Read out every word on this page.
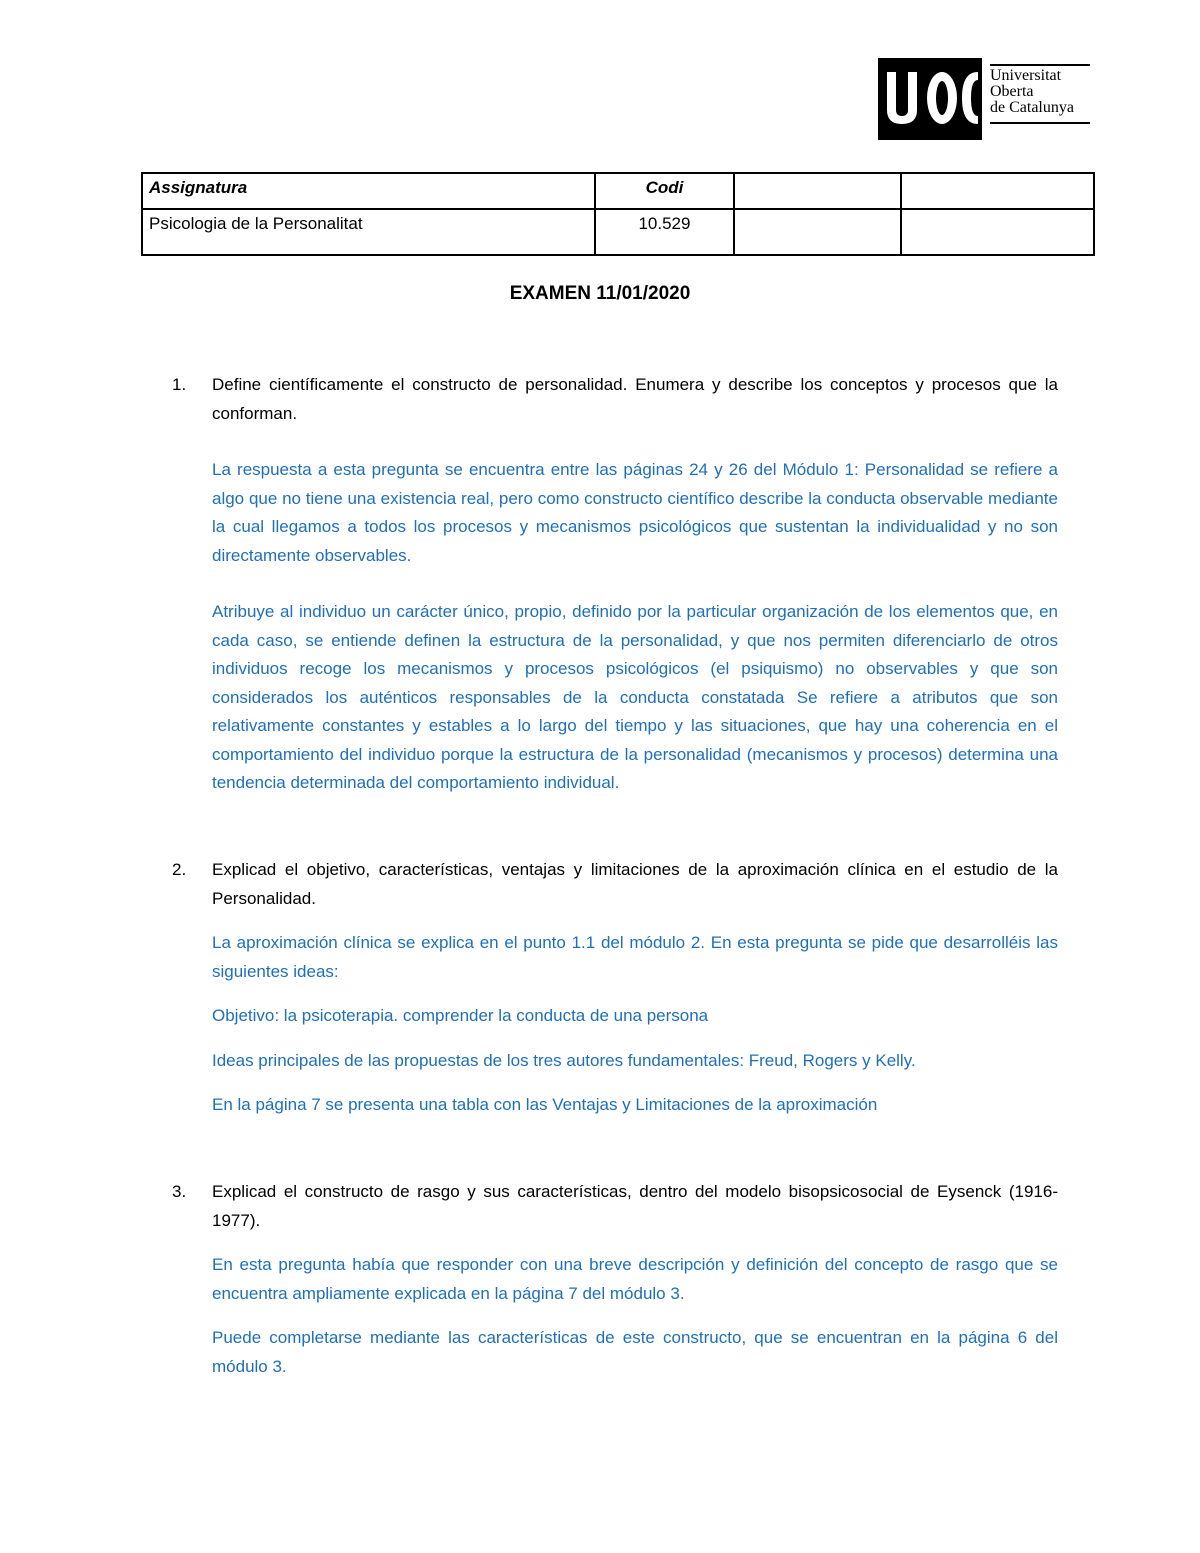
Universitat
Oberta
de Catalunya
Assignatura	Codi		
Psicologia de la Personalitat	10.529		
EXAMEN 11/01/2020
1. Define científicamente el constructo de personalidad. Enumera y describe los conceptos y procesos que la conforman.

La respuesta a esta pregunta se encuentra entre las páginas 24 y 26 del Módulo 1: Personalidad se refiere a algo que no tiene una existencia real, pero como constructo científico describe la conducta observable mediante la cual llegamos a todos los procesos y mecanismos psicológicos que sustentan la individualidad y no son directamente observables.

Atribuye al individuo un carácter único, propio, definido por la particular organización de los elementos que, en cada caso, se entiende definen la estructura de la personalidad, y que nos permiten diferenciarlo de otros individuos recoge los mecanismos y procesos psicológicos (el psiquismo) no observables y que son considerados los auténticos responsables de la conducta constatada Se refiere a atributos que son relativamente constantes y estables a lo largo del tiempo y las situaciones, que hay una coherencia en el comportamiento del individuo porque la estructura de la personalidad (mecanismos y procesos) determina una tendencia determinada del comportamiento individual.

2. Explicad el objetivo, características, ventajas y limitaciones de la aproximación clínica en el estudio de la Personalidad.

La aproximación clínica se explica en el punto 1.1 del módulo 2. En esta pregunta se pide que desarrolléis las siguientes ideas:

Objetivo: la psicoterapia. comprender la conducta de una persona

Ideas principales de las propuestas de los tres autores fundamentales: Freud, Rogers y Kelly.

En la página 7 se presenta una tabla con las Ventajas y Limitaciones de la aproximación

3. Explicad el constructo de rasgo y sus características, dentro del modelo bisopsicosocial de Eysenck (1916-1977).

En esta pregunta había que responder con una breve descripción y definición del concepto de rasgo que se encuentra ampliamente explicada en la página 7 del módulo 3.

Puede completarse mediante las características de este constructo, que se encuentran en la página 6 del módulo 3.
